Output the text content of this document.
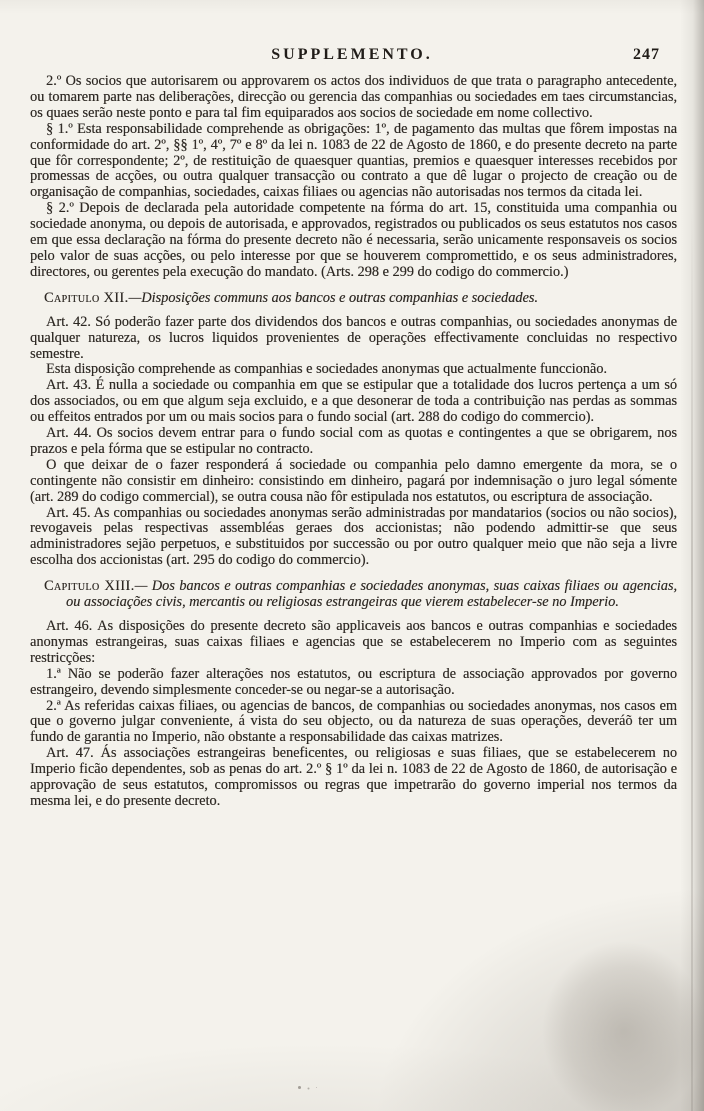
SUPPLEMENTO.	247

2.º Os socios que autorisarem ou approvarem os actos dos individuos de que trata o paragrapho antecedente, ou tomarem parte nas deliberações, direcção ou gerencia das companhias ou sociedades em taes circumstancias, os quaes serão neste ponto e para tal fim equiparados aos socios de sociedade em nome collectivo.

§ 1.º Esta responsabilidade comprehende as obrigações: 1º, de pagamento das multas que fôrem impostas na conformidade do art. 2º, §§ 1º, 4º, 7º e 8º da lei n. 1083 de 22 de Agosto de 1860, e do presente decreto na parte que fôr correspondente; 2º, de restituição de quaesquer quantias, premios e quaesquer interesses recebidos por promessas de acções, ou outra qualquer transacção ou contrato a que dê lugar o projecto de creação ou de organisação de companhias, sociedades, caixas filiaes ou agencias não autorisadas nos termos da citada lei.

§ 2.º Depois de declarada pela autoridade competente na fórma do art. 15, constituida uma companhia ou sociedade anonyma, ou depois de autorisada, e approvados, registrados ou publicados os seus estatutos nos casos em que essa declaração na fórma do presente decreto não é necessaria, serão unicamente responsaveis os socios pelo valor de suas acções, ou pelo interesse por que se houverem compromettido, e os seus administradores, directores, ou gerentes pela execução do mandato. (Arts. 298 e 299 do codigo do commercio.)

Capitulo XII.—Disposições communs aos bancos e outras companhias e sociedades.

Art. 42. Só poderão fazer parte dos dividendos dos bancos e outras companhias, ou sociedades anonymas de qualquer natureza, os lucros liquidos provenientes de operações effectivamente concluidas no respectivo semestre.

Esta disposição comprehende as companhias e sociedades anonymas que actualmente funccionão.

Art. 43. É nulla a sociedade ou companhia em que se estipular que a totalidade dos lucros pertença a um só dos associados, ou em que algum seja excluido, e a que desonerar de toda a contribuição nas perdas as sommas ou effeitos entrados por um ou mais socios para o fundo social (art. 288 do codigo do commercio).

Art. 44. Os socios devem entrar para o fundo social com as quotas e contingentes a que se obrigarem, nos prazos e pela fórma que se estipular no contracto.

O que deixar de o fazer responderá á sociedade ou companhia pelo damno emergente da mora, se o contingente não consistir em dinheiro: consistindo em dinheiro, pagará por indemnisação o juro legal sómente (art. 289 do codigo commercial), se outra cousa não fôr estipulada nos estatutos, ou escriptura de associação.

Art. 45. As companhias ou sociedades anonymas serão administradas por mandatarios (socios ou não socios), revogaveis pelas respectivas assembléas geraes dos accionistas; não podendo admittir-se que seus administradores sejão perpetuos, e substituidos por successão ou por outro qualquer meio que não seja a livre escolha dos accionistas (art. 295 do codigo do commercio).

Capitulo XIII.— Dos bancos e outras companhias e sociedades anonymas, suas caixas filiaes ou agencias, ou associações civis, mercantis ou religiosas estrangeiras que vierem estabelecer-se no Imperio.

Art. 46. As disposições do presente decreto são applicaveis aos bancos e outras companhias e sociedades anonymas estrangeiras, suas caixas filiaes e agencias que se estabelecerem no Imperio com as seguintes restricções:

1.ª Não se poderão fazer alterações nos estatutos, ou escriptura de associação approvados por governo estrangeiro, devendo simplesmente conceder-se ou negar-se a autorisação.

2.ª As referidas caixas filiaes, ou agencias de bancos, de companhias ou sociedades anonymas, nos casos em que o governo julgar conveniente, á vista do seu objecto, ou da natureza de suas operações, deveráõ ter um fundo de garantia no Imperio, não obstante a responsabilidade das caixas matrizes.

Art. 47. Ás associações estrangeiras beneficentes, ou religiosas e suas filiaes, que se estabelecerem no Imperio ficão dependentes, sob as penas do art. 2.º § 1º da lei n. 1083 de 22 de Agosto de 1860, de autorisação e approvação de seus estatutos, compromissos ou regras que impetrarão do governo imperial nos termos da mesma lei, e do presente decreto.
